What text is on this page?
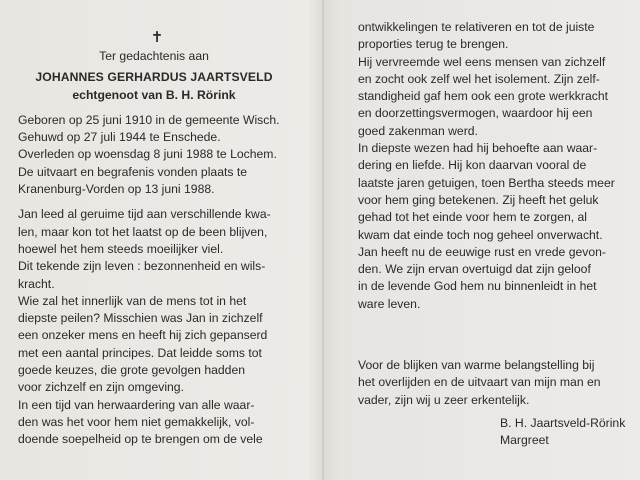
✝
Ter gedachtenis aan
JOHANNES GERHARDUS JAARTSVELD
echtgenoot van B. H. Rörink
Geboren op 25 juni 1910 in de gemeente Wisch.
Gehuwd op 27 juli 1944 te Enschede.
Overleden op woensdag 8 juni 1988 te Lochem.
De uitvaart en begrafenis vonden plaats te
Kranenburg-Vorden op 13 juni 1988.
Jan leed al geruime tijd aan verschillende kwa-
len, maar kon tot het laatst op de been blijven,
hoewel het hem steeds moeilijker viel.
Dit tekende zijn leven : bezonnenheid en wils-
kracht.
Wie zal het innerlijk van de mens tot in het
diepste peilen? Misschien was Jan in zichzelf
een onzeker mens en heeft hij zich gepanserd
met een aantal principes. Dat leidde soms tot
goede keuzes, die grote gevolgen hadden
voor zichzelf en zijn omgeving.
In een tijd van herwaardering van alle waar-
den was het voor hem niet gemakkelijk, vol-
doende soepelheid op te brengen om de vele
ontwikkelingen te relativeren en tot de juiste
proporties terug te brengen.
Hij vervreemde wel eens mensen van zichzelf
en zocht ook zelf wel het isolement. Zijn zelf-
standigheid gaf hem ook een grote werkkracht
en doorzettingsvermogen, waardoor hij een
goed zakenman werd.
In diepste wezen had hij behoefte aan waar-
dering en liefde. Hij kon daarvan vooral de
laatste jaren getuigen, toen Bertha steeds meer
voor hem ging betekenen. Zij heeft het geluk
gehad tot het einde voor hem te zorgen, al
kwam dat einde toch nog geheel onverwacht.
Jan heeft nu de eeuwige rust en vrede gevon-
den. We zijn ervan overtuigd dat zijn geloof
in de levende God hem nu binnenleidt in het
ware leven.
Voor de blijken van warme belangstelling bij
het overlijden en de uitvaart van mijn man en
vader, zijn wij u zeer erkentelijk.
B. H. Jaartsveld-Rörink
Margreet
